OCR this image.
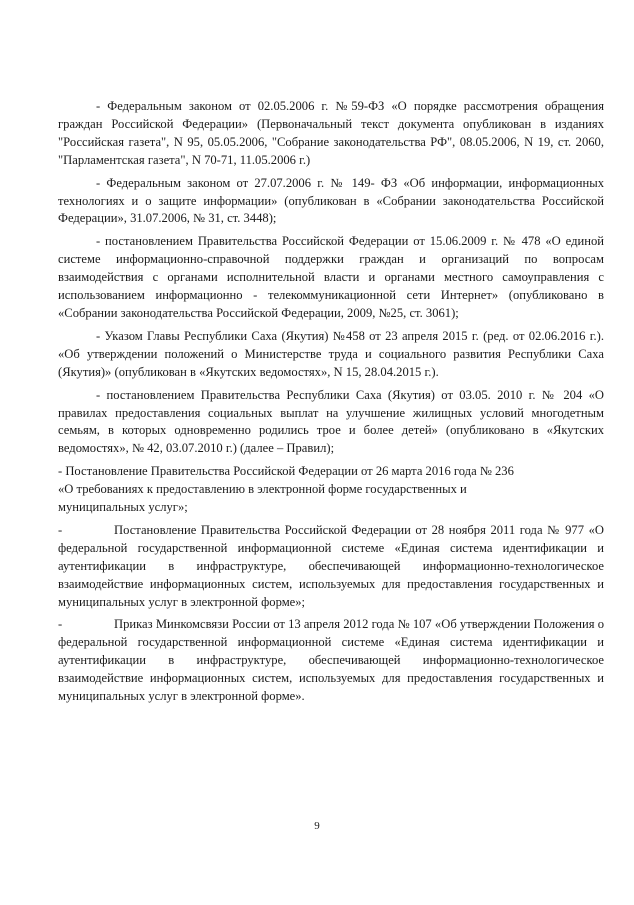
- Федеральным законом от 02.05.2006 г. №59-ФЗ «О порядке рассмотрения обращения граждан Российской Федерации» (Первоначальный текст документа опубликован в изданиях "Российская газета", N 95, 05.05.2006, "Собрание законодательства РФ", 08.05.2006, N 19, ст. 2060, "Парламентская газета", N 70-71, 11.05.2006 г.)

- Федеральным законом от 27.07.2006 г. № 149- ФЗ «Об информации, информационных технологиях и о защите информации» (опубликован в «Собрании законодательства Российской Федерации», 31.07.2006, № 31, ст. 3448);

- постановлением Правительства Российской Федерации от 15.06.2009 г. № 478 «О единой системе информационно-справочной поддержки граждан и организаций по вопросам взаимодействия с органами исполнительной власти и органами местного самоуправления с использованием информационно - телекоммуникационной сети Интернет» (опубликовано в «Собрании законодательства Российской Федерации, 2009, №25, ст. 3061);

- Указом Главы Республики Саха (Якутия) №458 от 23 апреля 2015 г. (ред. от 02.06.2016 г.). «Об утверждении положений о Министерстве труда и социального развития Республики Саха (Якутия)» (опубликован в «Якутских ведомостях», N 15, 28.04.2015 г.).

- постановлением Правительства Республики Саха (Якутия) от 03.05. 2010 г. № 204 «О правилах предоставления социальных выплат на улучшение жилищных условий многодетным семьям, в которых одновременно родились трое и более детей» (опубликовано в «Якутских ведомостях», № 42, 03.07.2010 г.) (далее – Правил);

- Постановление Правительства Российской Федерации от 26 марта 2016 года № 236

«О требованиях к предоставлению в электронной форме государственных и

муниципальных услуг»;

-	Постановление Правительства Российской Федерации от 28 ноября 2011 года № 977 «О федеральной государственной информационной системе «Единая система идентификации и аутентификации в инфраструктуре, обеспечивающей информационно-технологическое взаимодействие информационных систем, используемых для предоставления государственных и муниципальных услуг в электронной форме»;

-	Приказ Минкомсвязи России от 13 апреля 2012 года № 107 «Об утверждении Положения о федеральной государственной информационной системе «Единая система идентификации и аутентификации в инфраструктуре, обеспечивающей информационно-технологическое взаимодействие информационных систем, используемых для предоставления государственных и муниципальных услуг в электронной форме».

9
